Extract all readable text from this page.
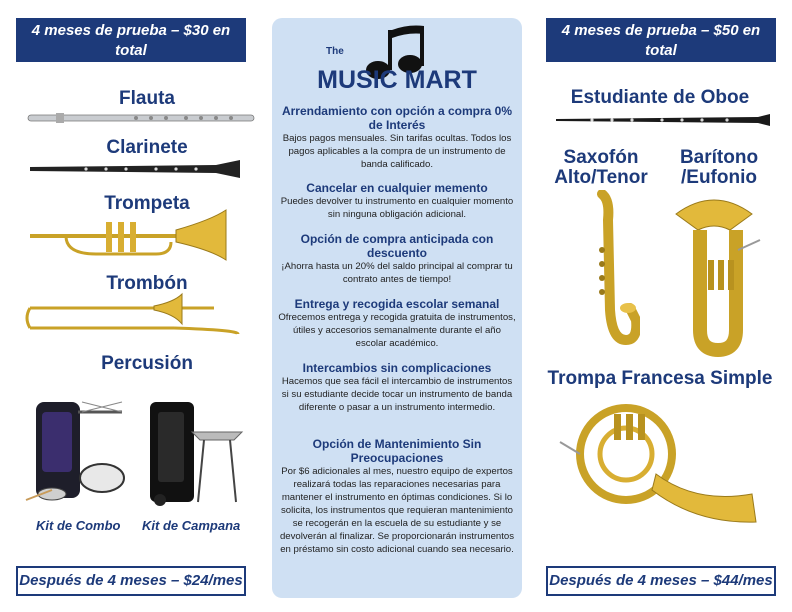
4 meses de prueba – $30 en total
con mantenimiento GRATIS incluido
Flauta
Clarinete
Trompeta
Trombón
Percusión
Kit de Combo Kit de Campana
Después de 4 meses – $24/mes
The
MUSIC MART
Arrendamiento con opción a compra 0% de Interés
Bajos pagos mensuales. Sin tarifas ocultas. Todos los pagos aplicables a la compra de un instrumento de banda calificado.
Cancelar en cualquier memento
Puedes devolver tu instrumento en cualquier momento sin ninguna obligación adicional.
Opción de compra anticipada con descuento
¡Ahorra hasta un 20% del saldo principal al comprar tu contrato antes de tiempo!
Entrega y recogida escolar semanal
Ofrecemos entrega y recogida gratuita de instrumentos, útiles y accesorios semanalmente durante el año escolar académico.
Intercambios sin complicaciones
Hacemos que sea fácil el intercambio de instrumentos si su estudiante decide tocar un instrumento de banda diferente o pasar a un instrumento intermedio.
Opción de Mantenimiento Sin Preocupaciones
Por $6 adicionales al mes, nuestro equipo de expertos realizará todas las reparaciones necesarias para mantener el instrumento en óptimas condiciones. Si lo solicita, los instrumentos que requieran mantenimiento se recogerán en la escuela de su estudiante y se devolverán al finalizar. Se proporcionarán instrumentos en préstamo sin costo adicional cuando sea necesario.
4 meses de prueba – $50 en total
con mantenimiento GRATIS incluido
Estudiante de Oboe
Saxofón Alto/Tenor
Barítono /Eufonio
Trompa Francesa Simple
Después de 4 meses – $44/mes
